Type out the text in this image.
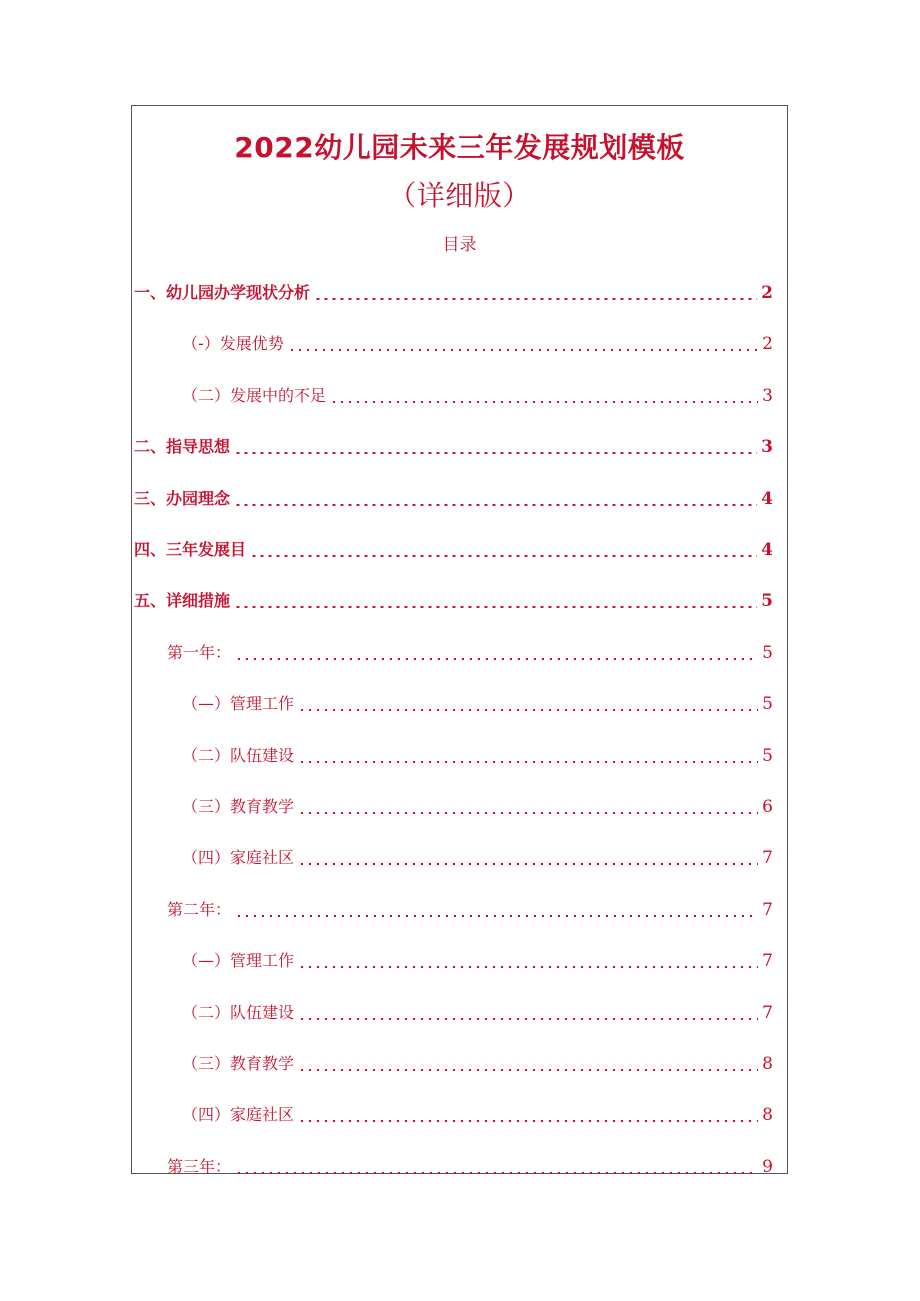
2022幼儿园未来三年发展规划模板
（详细版）
目录
一、幼儿园办学现状分析	2
（-）发展优势	2
（二）发展中的不足	3
二、指导思想	3
三、办园理念	4
四、三年发展目	4
五、详细措施	5
第一年：	5
（—）管理工作	5
（二）队伍建设	5
（三）教育教学	6
（四）家庭社区	7
第二年：	7
（—）管理工作	7
（二）队伍建设	7
（三）教育教学	8
（四）家庭社区	8
第三年：	9
